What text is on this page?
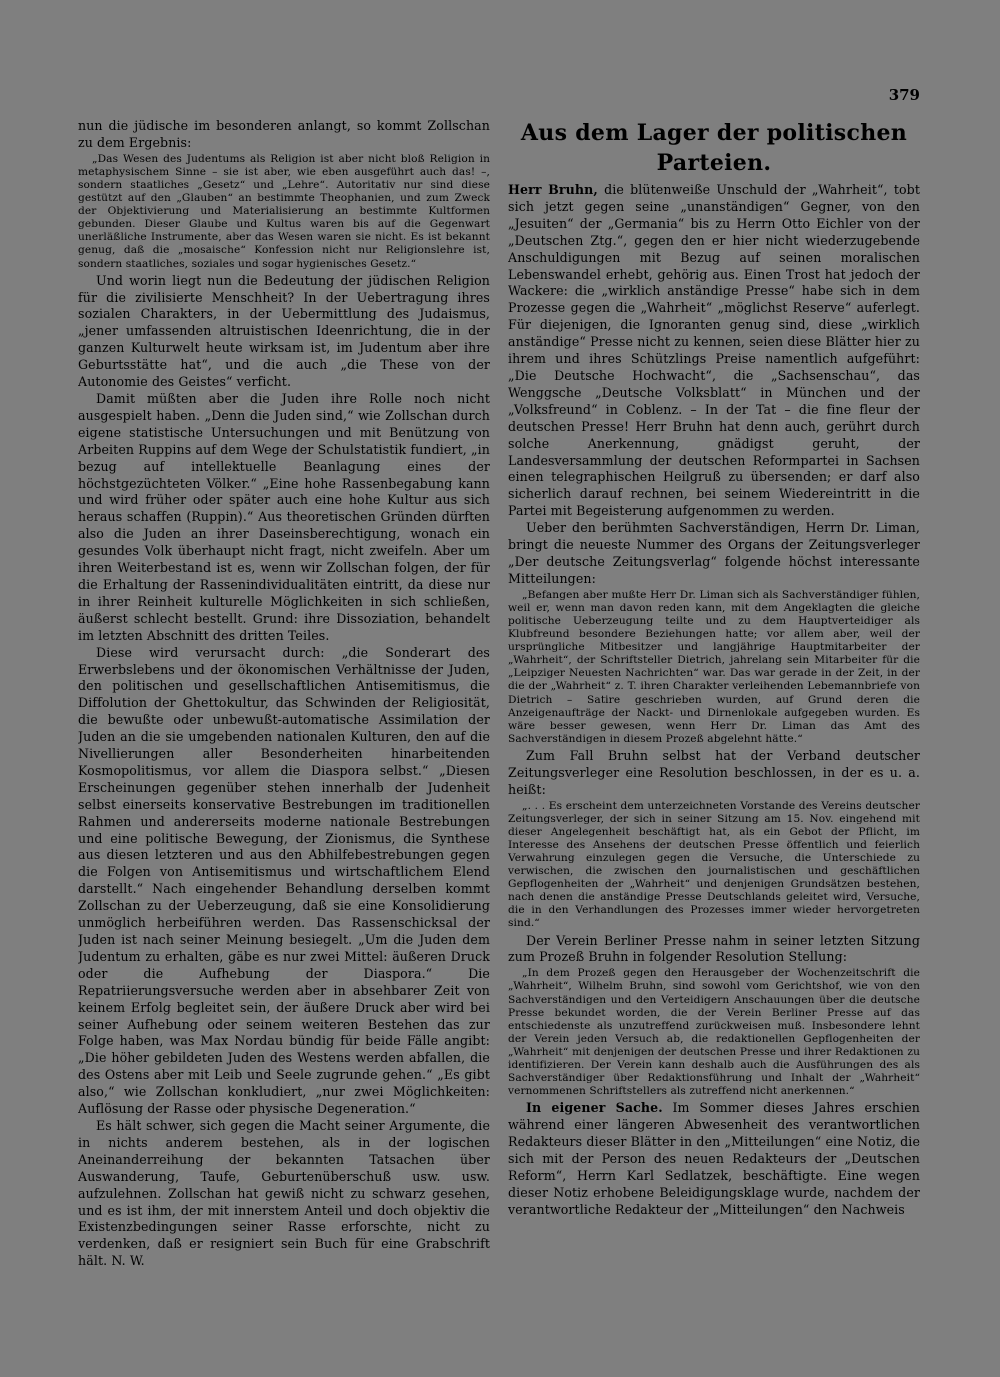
379

nun die jüdische im besonderen anlangt, so kommt Zollschan zu dem Ergebnis:

„Das Wesen des Judentums als Religion ist aber nicht bloß Religion in metaphysischem Sinne – sie ist aber, wie eben ausgeführt auch das! –, sondern staatliches „Gesetz“ und „Lehre“. Autoritativ nur sind diese gestützt auf den „Glauben“ an bestimmte Theophanien, und zum Zweck der Objektivierung und Materialisierung an bestimmte Kultformen gebunden. Dieser Glaube und Kultus waren bis auf die Gegenwart unerläßliche Instrumente, aber das Wesen waren sie nicht. Es ist bekannt genug, daß die „mosaische“ Konfession nicht nur Religionslehre ist, sondern staatliches, soziales und sogar hygienisches Gesetz.“

Und worin liegt nun die Bedeutung der jüdischen Religion für die zivilisierte Menschheit? In der Uebertragung ihres sozialen Charakters, in der Uebermittlung des Judaismus, „jener umfassenden altruistischen Ideenrichtung, die in der ganzen Kulturwelt heute wirksam ist, im Judentum aber ihre Geburtsstätte hat“, und die auch „die These von der Autonomie des Geistes“ verficht.

Damit müßten aber die Juden ihre Rolle noch nicht ausgespielt haben. „Denn die Juden sind,“ wie Zollschan durch eigene statistische Untersuchungen und mit Benützung von Arbeiten Ruppins auf dem Wege der Schulstatistik fundiert, „in bezug auf intellektuelle Beanlagung eines der höchstgezüchteten Völker.“ „Eine hohe Rassenbegabung kann und wird früher oder später auch eine hohe Kultur aus sich heraus schaffen (Ruppin).“ Aus theoretischen Gründen dürften also die Juden an ihrer Daseinsberechtigung, wonach ein gesundes Volk überhaupt nicht fragt, nicht zweifeln. Aber um ihren Weiterbestand ist es, wenn wir Zollschan folgen, der für die Erhaltung der Rassenindividualitäten eintritt, da diese nur in ihrer Reinheit kulturelle Möglichkeiten in sich schließen, äußerst schlecht bestellt. Grund: ihre Dissoziation, behandelt im letzten Abschnitt des dritten Teiles.

Diese wird verursacht durch: „die Sonderart des Erwerbslebens und der ökonomischen Verhältnisse der Juden, den politischen und gesellschaftlichen Antisemitismus, die Diffolution der Ghettokultur, das Schwinden der Religiosität, die bewußte oder unbewußt-automatische Assimilation der Juden an die sie umgebenden nationalen Kulturen, den auf die Nivellierungen aller Besonderheiten hinarbeitenden Kosmopolitismus, vor allem die Diaspora selbst.“ „Diesen Erscheinungen gegenüber stehen innerhalb der Judenheit selbst einerseits konservative Bestrebungen im traditionellen Rahmen und andererseits moderne nationale Bestrebungen und eine politische Bewegung, der Zionismus, die Synthese aus diesen letzteren und aus den Abhilfebestrebungen gegen die Folgen von Antisemitismus und wirtschaftlichem Elend darstellt.“ Nach eingehender Behandlung derselben kommt Zollschan zu der Ueberzeugung, daß sie eine Konsolidierung unmöglich herbeiführen werden. Das Rassenschicksal der Juden ist nach seiner Meinung besiegelt. „Um die Juden dem Judentum zu erhalten, gäbe es nur zwei Mittel: äußeren Druck oder die Aufhebung der Diaspora.“ Die Repatriierungsversuche werden aber in absehbarer Zeit von keinem Erfolg begleitet sein, der äußere Druck aber wird bei seiner Aufhebung oder seinem weiteren Bestehen das zur Folge haben, was Max Nordau bündig für beide Fälle angibt: „Die höher gebildeten Juden des Westens werden abfallen, die des Ostens aber mit Leib und Seele zugrunde gehen.“ „Es gibt also,“ wie Zollschan konkludiert, „nur zwei Möglichkeiten: Auflösung der Rasse oder physische Degeneration.“

Es hält schwer, sich gegen die Macht seiner Argumente, die in nichts anderem bestehen, als in der logischen Aneinanderreihung der bekannten Tatsachen über Auswanderung, Taufe, Geburtenüberschuß usw. usw. aufzulehnen. Zollschan hat gewiß nicht zu schwarz gesehen, und es ist ihm, der mit innerstem Anteil und doch objektiv die Existenzbedingungen seiner Rasse erforschte, nicht zu verdenken, daß er resigniert sein Buch für eine Grabschrift hält. N. W.

Aus dem Lager der politischen Parteien.

Herr Bruhn, die blütenweiße Unschuld der „Wahrheit“, tobt sich jetzt gegen seine „unanständigen“ Gegner, von den „Jesuiten“ der „Germania“ bis zu Herrn Otto Eichler von der „Deutschen Ztg.“, gegen den er hier nicht wiederzugebende Anschuldigungen mit Bezug auf seinen moralischen Lebenswandel erhebt, gehörig aus. Einen Trost hat jedoch der Wackere: die „wirklich anständige Presse“ habe sich in dem Prozesse gegen die „Wahrheit“ „möglichst Reserve“ auferlegt. Für diejenigen, die Ignoranten genug sind, diese „wirklich anständige“ Presse nicht zu kennen, seien diese Blätter hier zu ihrem und ihres Schützlings Preise namentlich aufgeführt: „Die Deutsche Hochwacht“, die „Sachsenschau“, das Wenggsche „Deutsche Volksblatt“ in München und der „Volksfreund“ in Coblenz. – In der Tat – die fine fleur der deutschen Presse! Herr Bruhn hat denn auch, gerührt durch solche Anerkennung, gnädigst geruht, der Landesversammlung der deutschen Reformpartei in Sachsen einen telegraphischen Heilgruß zu übersenden; er darf also sicherlich darauf rechnen, bei seinem Wiedereintritt in die Partei mit Begeisterung aufgenommen zu werden.

Ueber den berühmten Sachverständigen, Herrn Dr. Liman, bringt die neueste Nummer des Organs der Zeitungsverleger „Der deutsche Zeitungsverlag“ folgende höchst interessante Mitteilungen:

„Befangen aber mußte Herr Dr. Liman sich als Sachverständiger fühlen, weil er, wenn man davon reden kann, mit dem Angeklagten die gleiche politische Ueberzeugung teilte und zu dem Hauptverteidiger als Klubfreund besondere Beziehungen hatte; vor allem aber, weil der ursprüngliche Mitbesitzer und langjährige Hauptmitarbeiter der „Wahrheit“, der Schriftsteller Dietrich, jahrelang sein Mitarbeiter für die „Leipziger Neuesten Nachrichten“ war. Das war gerade in der Zeit, in der die der „Wahrheit“ z. T. ihren Charakter verleihenden Lebemannbriefe von Dietrich – Satire geschrieben wurden, auf Grund deren die Anzeigenaufträge der Nackt- und Dirnenlokale aufgegeben wurden. Es wäre besser gewesen, wenn Herr Dr. Liman das Amt des Sachverständigen in diesem Prozeß abgelehnt hätte.“

Zum Fall Bruhn selbst hat der Verband deutscher Zeitungsverleger eine Resolution beschlossen, in der es u. a. heißt:

„. . . Es erscheint dem unterzeichneten Vorstande des Vereins deutscher Zeitungsverleger, der sich in seiner Sitzung am 15. Nov. eingehend mit dieser Angelegenheit beschäftigt hat, als ein Gebot der Pflicht, im Interesse des Ansehens der deutschen Presse öffentlich und feierlich Verwahrung einzulegen gegen die Versuche, die Unterschiede zu verwischen, die zwischen den journalistischen und geschäftlichen Gepflogenheiten der „Wahrheit“ und denjenigen Grundsätzen bestehen, nach denen die anständige Presse Deutschlands geleitet wird, Versuche, die in den Verhandlungen des Prozesses immer wieder hervorgetreten sind.“

Der Verein Berliner Presse nahm in seiner letzten Sitzung zum Prozeß Bruhn in folgender Resolution Stellung:

„In dem Prozeß gegen den Herausgeber der Wochenzeitschrift die „Wahrheit“, Wilhelm Bruhn, sind sowohl vom Gerichtshof, wie von den Sachverständigen und den Verteidigern Anschauungen über die deutsche Presse bekundet worden, die der Verein Berliner Presse auf das entschiedenste als unzutreffend zurückweisen muß. Insbesondere lehnt der Verein jeden Versuch ab, die redaktionellen Gepflogenheiten der „Wahrheit“ mit denjenigen der deutschen Presse und ihrer Redaktionen zu identifizieren. Der Verein kann deshalb auch die Ausführungen des als Sachverständiger über Redaktionsführung und Inhalt der „Wahrheit“ vernommenen Schriftstellers als zutreffend nicht anerkennen.“

In eigener Sache. Im Sommer dieses Jahres erschien während einer längeren Abwesenheit des verantwortlichen Redakteurs dieser Blätter in den „Mitteilungen“ eine Notiz, die sich mit der Person des neuen Redakteurs der „Deutschen Reform“, Herrn Karl Sedlatzek, beschäftigte. Eine wegen dieser Notiz erhobene Beleidigungsklage wurde, nachdem der verantwortliche Redakteur der „Mitteilungen“ den Nachweis
